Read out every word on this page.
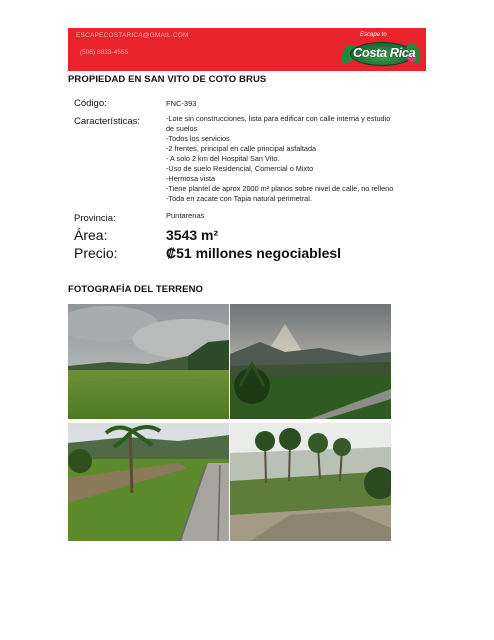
ESCAPECOSTARICA@GMAIL.COM
(506) 8833-4555
Escape to
Costa Rica
PROPIEDAD EN SAN VITO DE COTO BRUS
Código:	FNC-393
Características:	-Lote sin construcciones, lista para edificar con calle interna y estudio
de suelos
-Todos los servicios
-2 frentes, principal en calle principal asfaltada
- A solo 2 km del Hospital San Vito.
-Uso de suelo Residencial, Comercial o Mixto
-Hermosa vista
-Tiene plantel de aprox 2000 m² planos sobre nivel de calle, no relleno
-Toda en zacate con Tapia natural perimetral.
Provincia:	Puntarenas
Área:	3543 m²
Precio:	₡51 millones negociablesl
FOTOGRAFÍA DEL TERRENO
